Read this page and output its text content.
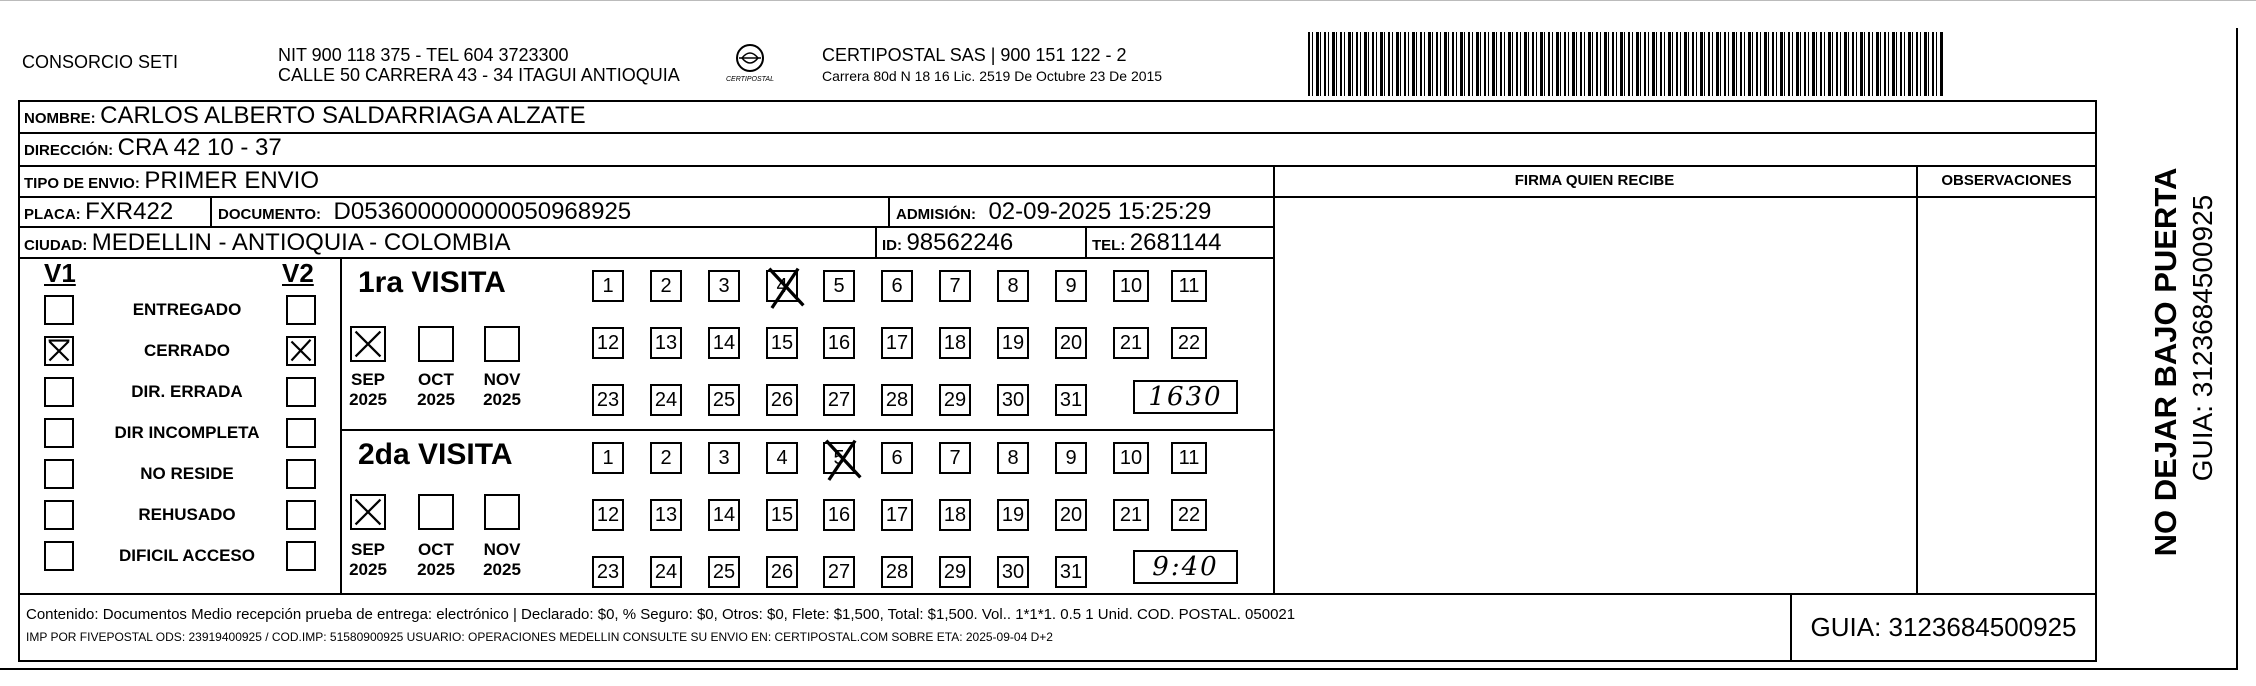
CONSORCIO SETI	NIT 900 118 375 - TEL 604 3723300
CALLE 50 CARRERA 43 - 34 ITAGUI ANTIOQUIA	CERTIPOSTAL
CERTIPOSTAL SAS | 900 151 122 - 2
Carrera 80d N 18 16 Lic. 2519 De Octubre 23 De 2015
NOMBRE: CARLOS ALBERTO SALDARRIAGA ALZATE
DIRECCIÓN: CRA 42 10 - 37
TIPO DE ENVIO: PRIMER ENVIO	FIRMA QUIEN RECIBE	OBSERVACIONES
PLACA: FXR422	DOCUMENTO: D053600000000050968925	ADMISIÓN: 02-09-2025 15:25:29
CIUDAD: MEDELLIN - ANTIOQUIA - COLOMBIA	ID: 98562246	TEL: 2681144
V1	V2
ENTREGADO
CERRADO
DIR. ERRADA
DIR INCOMPLETA
NO RESIDE
REHUSADO
DIFICIL ACCESO
1ra VISITA
SEP
2025
OCT
2025
NOV
2025
1	2	3	4	5	6	7	8	9	10	11
12 13 14 15 16 17 18 19 20	21	22
23 24 25 26 27 28 29 30 31	1630
2da VISITA
SEP
2025
OCT
2025
NOV
2025
1	2	3	4	5	6	7	8	9	10	11
12 13 14 15 16 17 18 19 20	21	22
23 24 25 26 27 28 29 30 31	9:40
Contenido: Documentos Medio recepción prueba de entrega: electrónico | Declarado: $0, % Seguro: $0, Otros: $0, Flete: $1,500, Total: $1,500. Vol.. 1*1*1. 0.5 1 Unid. COD. POSTAL. 050021
IMP POR FIVEPOSTAL ODS: 23919400925 / COD.IMP: 51580900925 USUARIO: OPERACIONES MEDELLIN CONSULTE SU ENVIO EN: CERTIPOSTAL.COM SOBRE ETA: 2025-09-04 D+2	GUIA: 3123684500925
NO DEJAR BAJO PUERTA GUIA: 3123684500925
